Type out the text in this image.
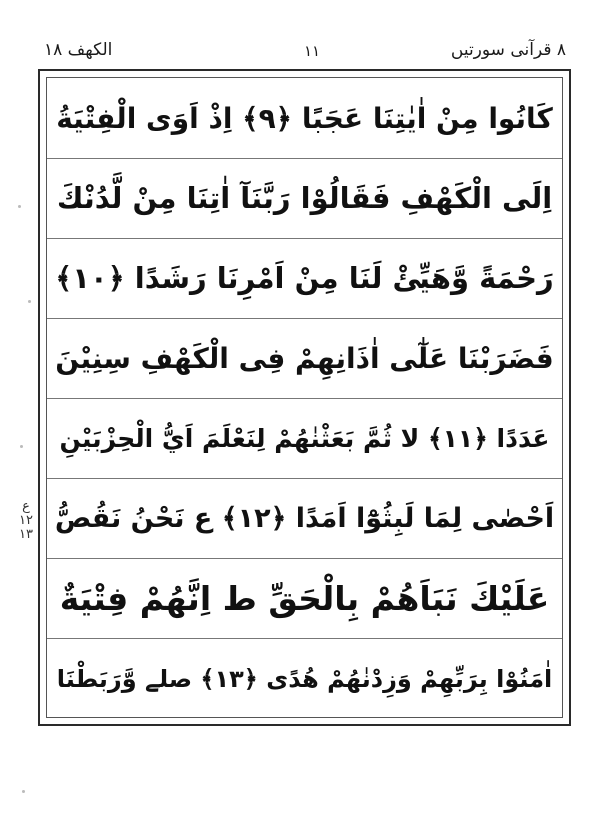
الکھف ۱۸	۱۱	۸ قرآنی سورتیں
كَانُوا مِنْ اٰيٰتِنَا عَجَبًا ﴿۹﴾ اِذْ اَوَى الْفِتْيَةُ
اِلَى الْكَهْفِ فَقَالُوْا رَبَّنَآ اٰتِنَا مِنْ لَّدُنْكَ
رَحْمَةً وَّهَيِّئْ لَنَا مِنْ اَمْرِنَا رَشَدًا ﴿۱۰﴾
فَضَرَبْنَا عَلٰٓى اٰذَانِهِمْ فِى الْكَهْفِ سِنِيْنَ
عَدَدًا ﴿۱۱﴾ لا ثُمَّ بَعَثْنٰهُمْ لِنَعْلَمَ اَيُّ الْحِزْبَيْنِ
اَحْصٰى لِمَا لَبِثُوْٓا اَمَدًا ﴿۱۲﴾ ع نَحْنُ نَقُصُّ
عَلَيْكَ نَبَاَهُمْ بِالْحَقِّ ط اِنَّهُمْ فِتْيَةٌ
اٰمَنُوْا بِرَبِّهِمْ وَزِدْنٰهُمْ هُدًى ﴿۱۳﴾ صلے وَّرَبَطْنَا
ع ۱۲ ۱۳
